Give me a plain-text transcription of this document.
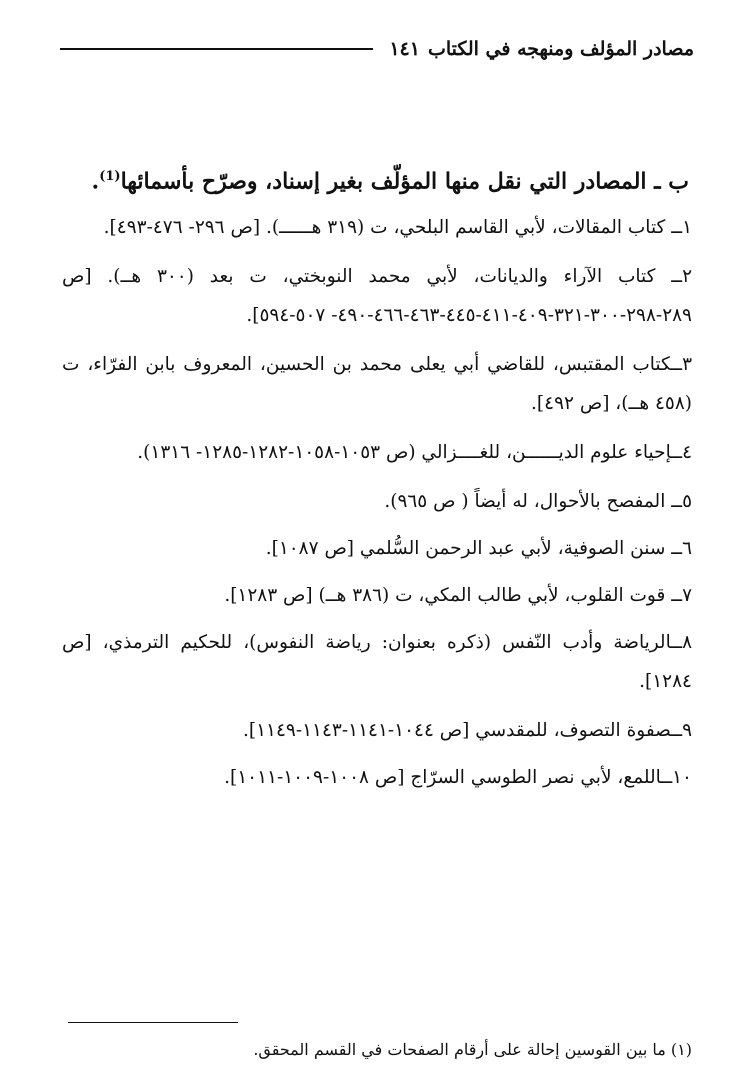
مصادر المؤلف ومنهجه في الكتاب
١٤١
ب ـ المصادر التي نقل منها المؤلّف بغير إسناد، وصرّح بأسمائها$^{(1)}$.

١ــ كتاب المقالات، لأبي القاسم البلحي، ت (٣١٩ هــــــ). [ص ٢٩٦- ٤٧٦-٤٩٣].

٢ــ كتاب الآراء والديانات، لأبي محمد النوبختي، ت بعد (٣٠٠ هــ). [ص ٢٨٩-٢٩٨-٣٠٠-٣٢١-٤٠٩-٤١١-٤٤٥-٤٦٣-٤٦٦-٤٩٠- ٥٠٧-٥٩٤].

٣ــكتاب المقتبس، للقاضي أبي يعلى محمد بن الحسين، المعروف بابن الفرّاء، ت (٤٥٨ هــ)، [ص ٤٩٢].

٤ــإحياء علوم الديــــــن، للغــــزالي (ص ١٠٥٣-١٠٥٨-١٢٨٢-١٢٨٥- ١٣١٦).

٥ــ المفصح بالأحوال، له أيضاً ( ص ٩٦٥).

٦ــ سنن الصوفية، لأبي عبد الرحمن السُّلمي [ص ١٠٨٧].

٧ــ قوت القلوب، لأبي طالب المكي، ت (٣٨٦ هــ) [ص ١٢٨٣].

٨ــالرياضة وأدب النّفس (ذكره بعنوان: رياضة النفوس)، للحكيم الترمذي، [ص ١٢٨٤].

٩ــصفوة التصوف، للمقدسي [ص ١٠٤٤-١١٤١-١١٤٣-١١٤٩].

١٠ــاللمع، لأبي نصر الطوسي السرّاج [ص ١٠٠٨-١٠٠٩-١٠١١].

(١) ما بين القوسين إحالة على أرقام الصفحات في القسم المحقق.
